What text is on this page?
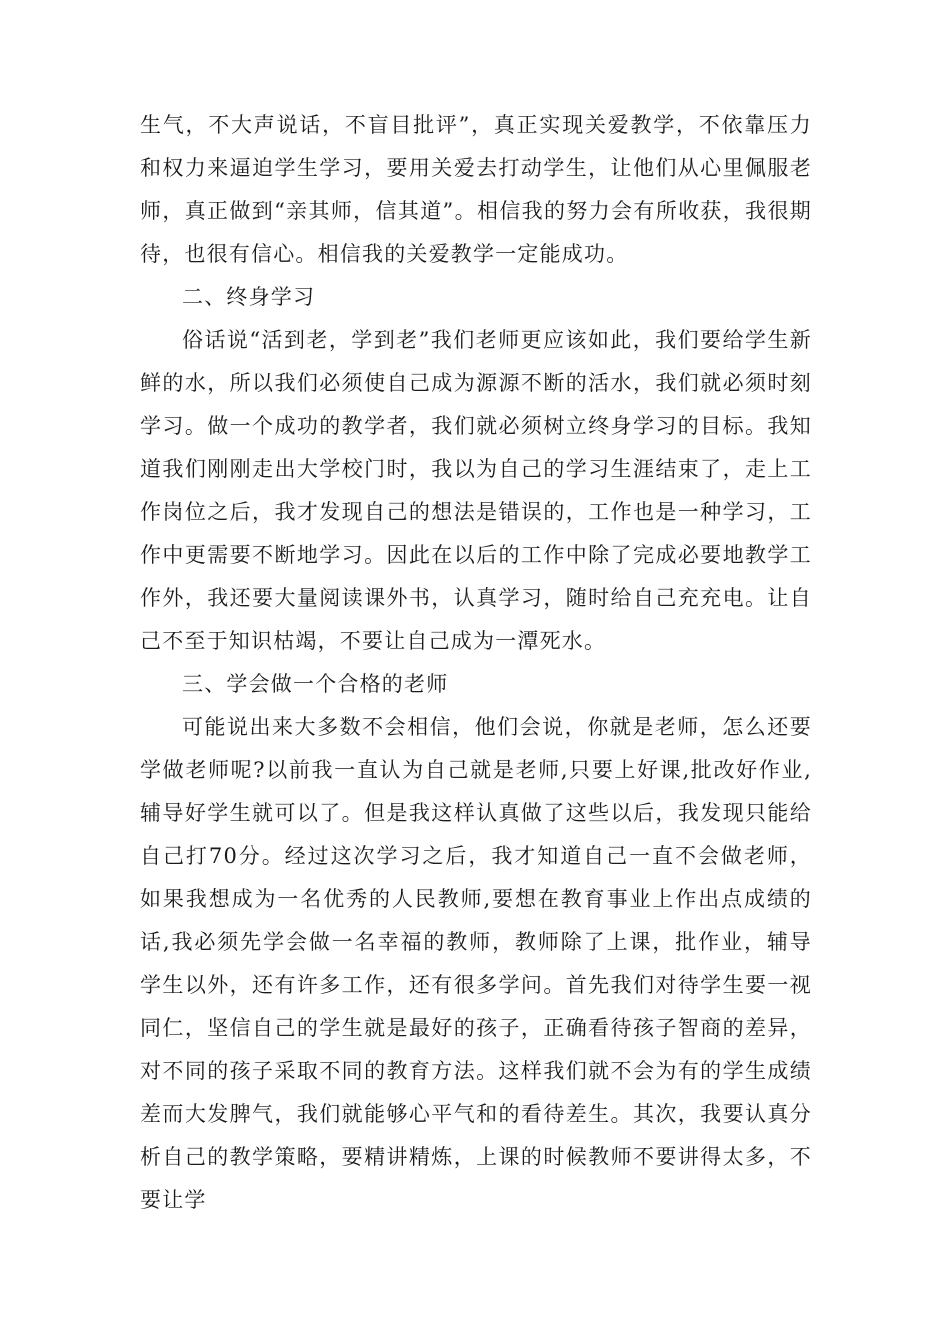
生气，不大声说话，不盲目批评”，真正实现关爱教学，不依靠压力和权力来逼迫学生学习，要用关爱去打动学生，让他们从心里佩服老师，真正做到“亲其师，信其道”。相信我的努力会有所收获，我很期待，也很有信心。相信我的关爱教学一定能成功。

二、终身学习

俗话说“活到老，学到老”我们老师更应该如此，我们要给学生新鲜的水，所以我们必须使自己成为源源不断的活水，我们就必须时刻学习。做一个成功的教学者，我们就必须树立终身学习的目标。我知道我们刚刚走出大学校门时，我以为自己的学习生涯结束了，走上工作岗位之后，我才发现自己的想法是错误的，工作也是一种学习，工作中更需要不断地学习。因此在以后的工作中除了完成必要地教学工作外，我还要大量阅读课外书，认真学习，随时给自己充充电。让自己不至于知识枯竭，不要让自己成为一潭死水。

三、学会做一个合格的老师

可能说出来大多数不会相信，他们会说，你就是老师，怎么还要学做老师呢?以前我一直认为自己就是老师,只要上好课,批改好作业,辅导好学生就可以了。但是我这样认真做了这些以后，我发现只能给自己打70分。经过这次学习之后，我才知道自己一直不会做老师，如果我想成为一名优秀的人民教师,要想在教育事业上作出点成绩的话,我必须先学会做一名幸福的教师，教师除了上课，批作业，辅导学生以外，还有许多工作，还有很多学问。首先我们对待学生要一视同仁，坚信自己的学生就是最好的孩子，正确看待孩子智商的差异，对不同的孩子采取不同的教育方法。这样我们就不会为有的学生成绩差而大发脾气，我们就能够心平气和的看待差生。其次，我要认真分析自己的教学策略，要精讲精炼，上课的时候教师不要讲得太多，不要让学
